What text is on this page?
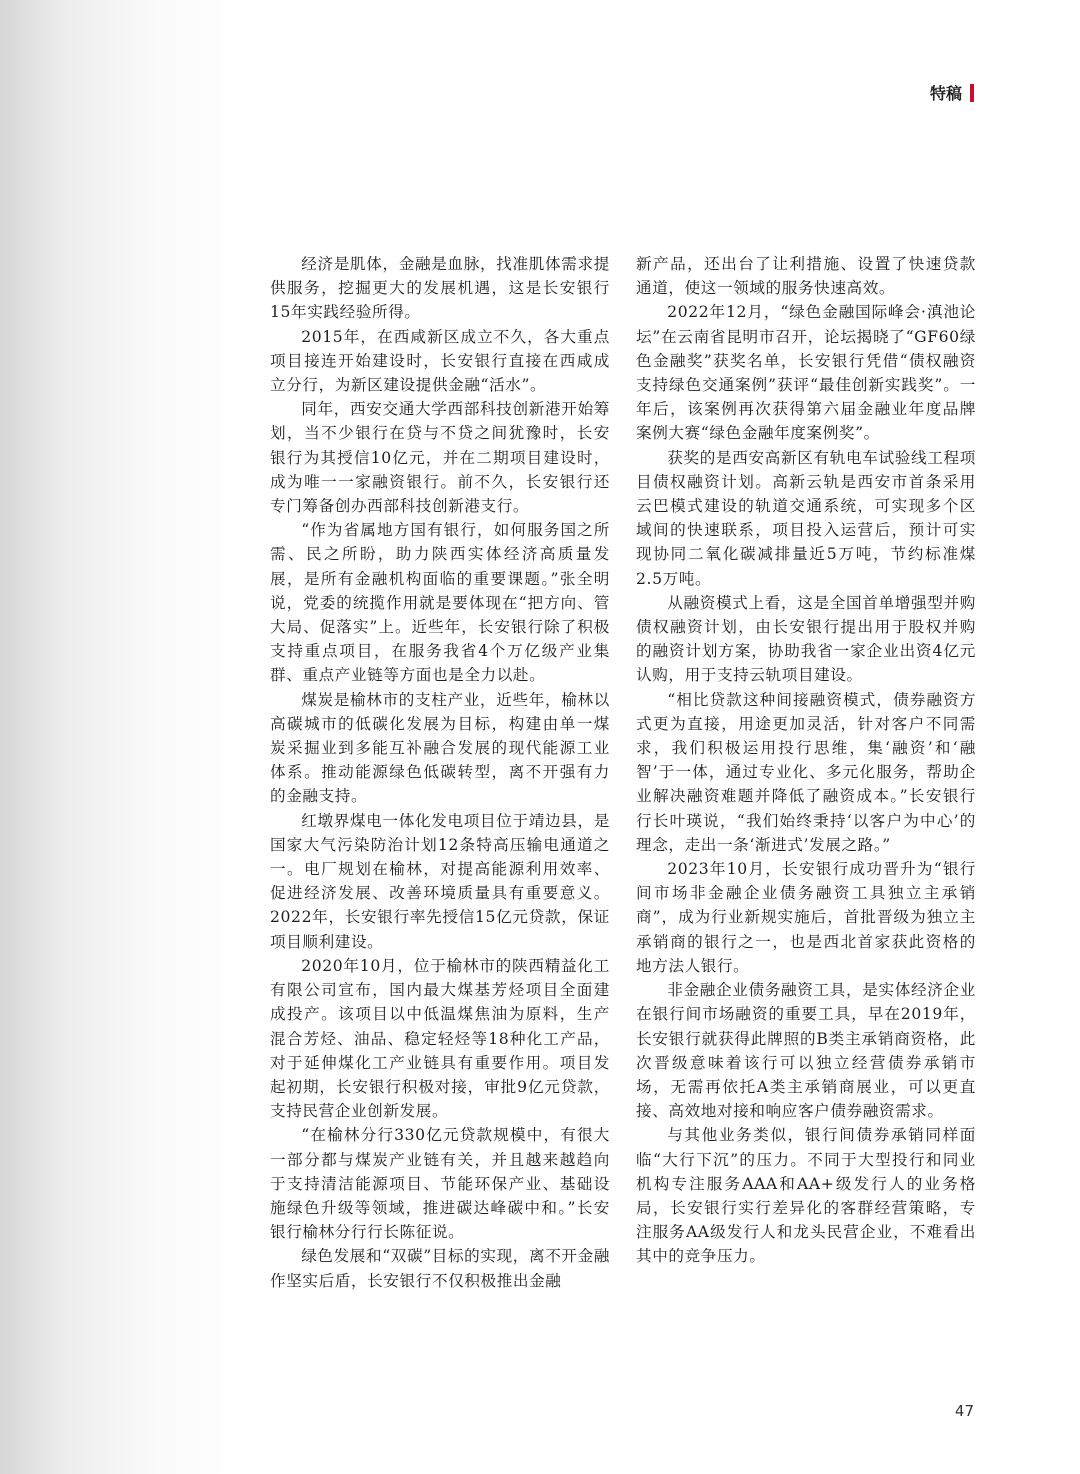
特稿

经济是肌体，金融是血脉，找准肌体需求提供服务，挖掘更大的发展机遇，这是长安银行15年实践经验所得。

2015年，在西咸新区成立不久，各大重点项目接连开始建设时，长安银行直接在西咸成立分行，为新区建设提供金融“活水”。

同年，西安交通大学西部科技创新港开始筹划，当不少银行在贷与不贷之间犹豫时，长安银行为其授信10亿元，并在二期项目建设时，成为唯一一家融资银行。前不久，长安银行还专门筹备创办西部科技创新港支行。

“作为省属地方国有银行，如何服务国之所需、民之所盼，助力陕西实体经济高质量发展，是所有金融机构面临的重要课题。”张全明说，党委的统揽作用就是要体现在“把方向、管大局、促落实”上。近些年，长安银行除了积极支持重点项目，在服务我省4个万亿级产业集群、重点产业链等方面也是全力以赴。

煤炭是榆林市的支柱产业，近些年，榆林以高碳城市的低碳化发展为目标，构建由单一煤炭采掘业到多能互补融合发展的现代能源工业体系。推动能源绿色低碳转型，离不开强有力的金融支持。

红墩界煤电一体化发电项目位于靖边县，是国家大气污染防治计划12条特高压输电通道之一。电厂规划在榆林，对提高能源利用效率、促进经济发展、改善环境质量具有重要意义。2022年，长安银行率先授信15亿元贷款，保证项目顺利建设。

2020年10月，位于榆林市的陕西精益化工有限公司宣布，国内最大煤基芳烃项目全面建成投产。该项目以中低温煤焦油为原料，生产混合芳烃、油品、稳定轻烃等18种化工产品，对于延伸煤化工产业链具有重要作用。项目发起初期，长安银行积极对接，审批9亿元贷款，支持民营企业创新发展。

“在榆林分行330亿元贷款规模中，有很大一部分都与煤炭产业链有关，并且越来越趋向于支持清洁能源项目、节能环保产业、基础设施绿色升级等领域，推进碳达峰碳中和。”长安银行榆林分行行长陈征说。

绿色发展和“双碳”目标的实现，离不开金融作坚实后盾，长安银行不仅积极推出金融

新产品，还出台了让利措施、设置了快速贷款通道，使这一领域的服务快速高效。

2022年12月，“绿色金融国际峰会·滇池论坛”在云南省昆明市召开，论坛揭晓了“GF60绿色金融奖”获奖名单，长安银行凭借“债权融资支持绿色交通案例”获评“最佳创新实践奖”。一年后，该案例再次获得第六届金融业年度品牌案例大赛“绿色金融年度案例奖”。

获奖的是西安高新区有轨电车试验线工程项目债权融资计划。高新云轨是西安市首条采用云巴模式建设的轨道交通系统，可实现多个区域间的快速联系，项目投入运营后，预计可实现协同二氧化碳减排量近5万吨，节约标准煤2.5万吨。

从融资模式上看，这是全国首单增强型并购债权融资计划，由长安银行提出用于股权并购的融资计划方案，协助我省一家企业出资4亿元认购，用于支持云轨项目建设。

“相比贷款这种间接融资模式，债券融资方式更为直接，用途更加灵活，针对客户不同需求，我们积极运用投行思维，集‘融资’和‘融智’于一体，通过专业化、多元化服务，帮助企业解决融资难题并降低了融资成本。”长安银行行长叶瑛说，“我们始终秉持‘以客户为中心’的理念，走出一条‘渐进式’发展之路。”

2023年10月，长安银行成功晋升为“银行间市场非金融企业债务融资工具独立主承销商”，成为行业新规实施后，首批晋级为独立主承销商的银行之一，也是西北首家获此资格的地方法人银行。

非金融企业债务融资工具，是实体经济企业在银行间市场融资的重要工具，早在2019年，长安银行就获得此牌照的B类主承销商资格，此次晋级意味着该行可以独立经营债券承销市场，无需再依托A类主承销商展业，可以更直接、高效地对接和响应客户债券融资需求。

与其他业务类似，银行间债券承销同样面临“大行下沉”的压力。不同于大型投行和同业机构专注服务AAA和AA+级发行人的业务格局，长安银行实行差异化的客群经营策略，专注服务AA级发行人和龙头民营企业，不难看出其中的竞争压力。

47
